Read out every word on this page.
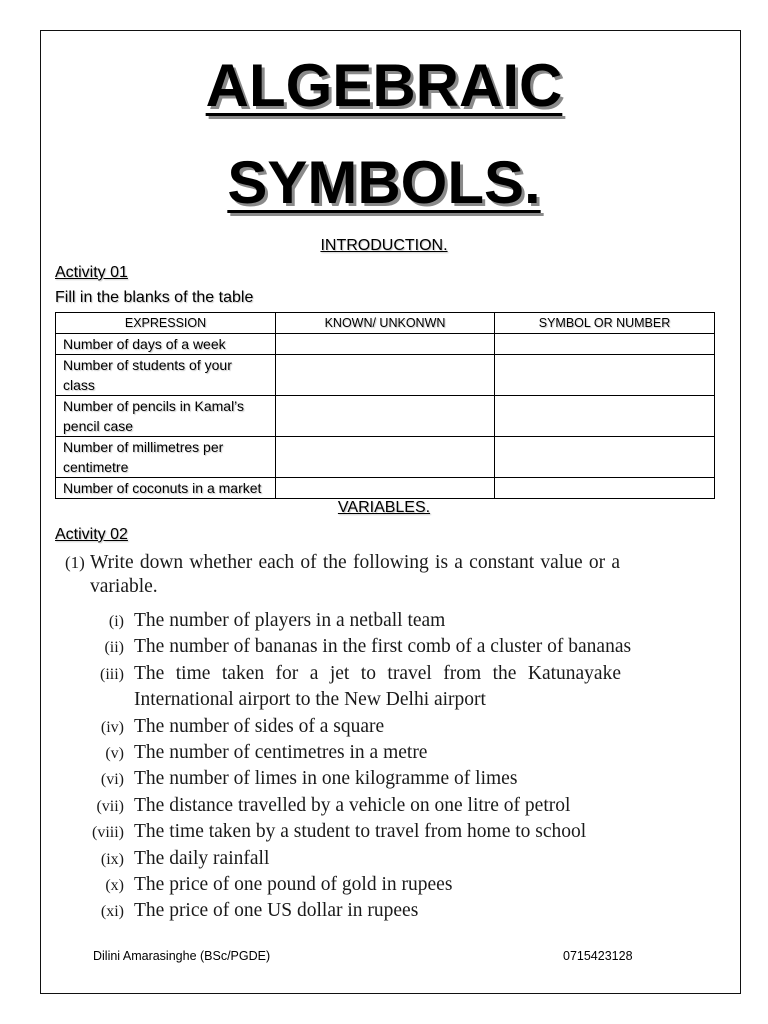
ALGEBRAIC
SYMBOLS.
INTRODUCTION.
Activity 01
Fill in the blanks of the table
EXPRESSION	KNOWN/ UNKONWN	SYMBOL OR NUMBER

Number of days of a week		

Number of students of your class		

Number of pencils in Kamal’s pencil case		

Number of millimetres per centimetre		

Number of coconuts in a market		

VARIABLES.
Activity 02
(1) Write down whether each of the following is a constant value or a variable.
(i) The number of players in a netball team
(ii) The number of bananas in the first comb of a cluster of bananas
(iii) The time taken for a jet to travel from the Katunayake International airport to the New Delhi airport
(iv) The number of sides of a square
(v) The number of centimetres in a metre
(vi) The number of limes in one kilogramme of limes
(vii) The distance travelled by a vehicle on one litre of petrol
(viii) The time taken by a student to travel from home to school
(ix) The daily rainfall
(x) The price of one pound of gold in rupees
(xi) The price of one US dollar in rupees
Dilini Amarasinghe (BSc/PGDE)	0715423128
